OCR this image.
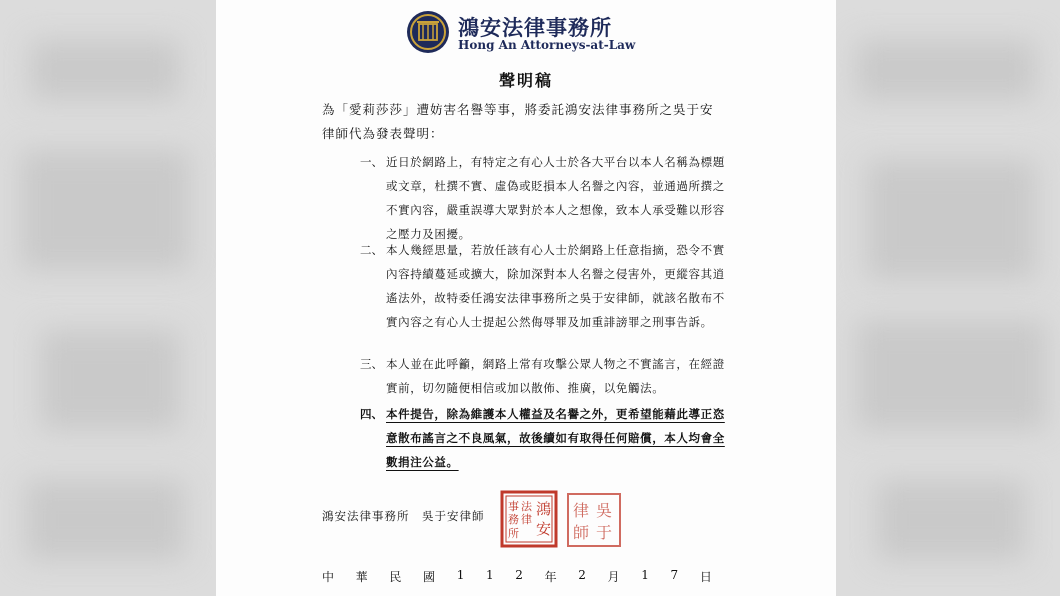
鴻安法律事務所
Hong An Attorneys-at-Law
聲明稿
為「愛莉莎莎」遭妨害名譽等事，將委託鴻安法律事務所之吳于安律師代為發表聲明：
一、 近日於網路上，有特定之有心人士於各大平台以本人名稱為標題或文章，杜撰不實、虛偽或貶損本人名譽之內容，並通過所撰之不實內容，嚴重誤導大眾對於本人之想像，致本人承受難以形容之壓力及困擾。
二、 本人幾經思量，若放任該有心人士於網路上任意指摘，恐令不實內容持續蔓延或擴大，除加深對本人名譽之侵害外，更縱容其逍遙法外，故特委任鴻安法律事務所之吳于安律師，就該名散布不實內容之有心人士提起公然侮辱罪及加重誹謗罪之刑事告訴。
三、 本人並在此呼籲，網路上常有攻擊公眾人物之不實謠言，在經證實前，切勿隨便相信或加以散佈、推廣，以免觸法。
四、 本件提告，除為維護本人權益及名譽之外，更希望能藉此導正恣意散布謠言之不良風氣，故後續如有取得任何賠償，本人均會全數捐注公益。
鴻安法律事務所　吳于安律師	鴻
安
法
律
事
務
所
吳
于
律
師
中 華 民 國 1 1 2 年 2 月 1 7 日
